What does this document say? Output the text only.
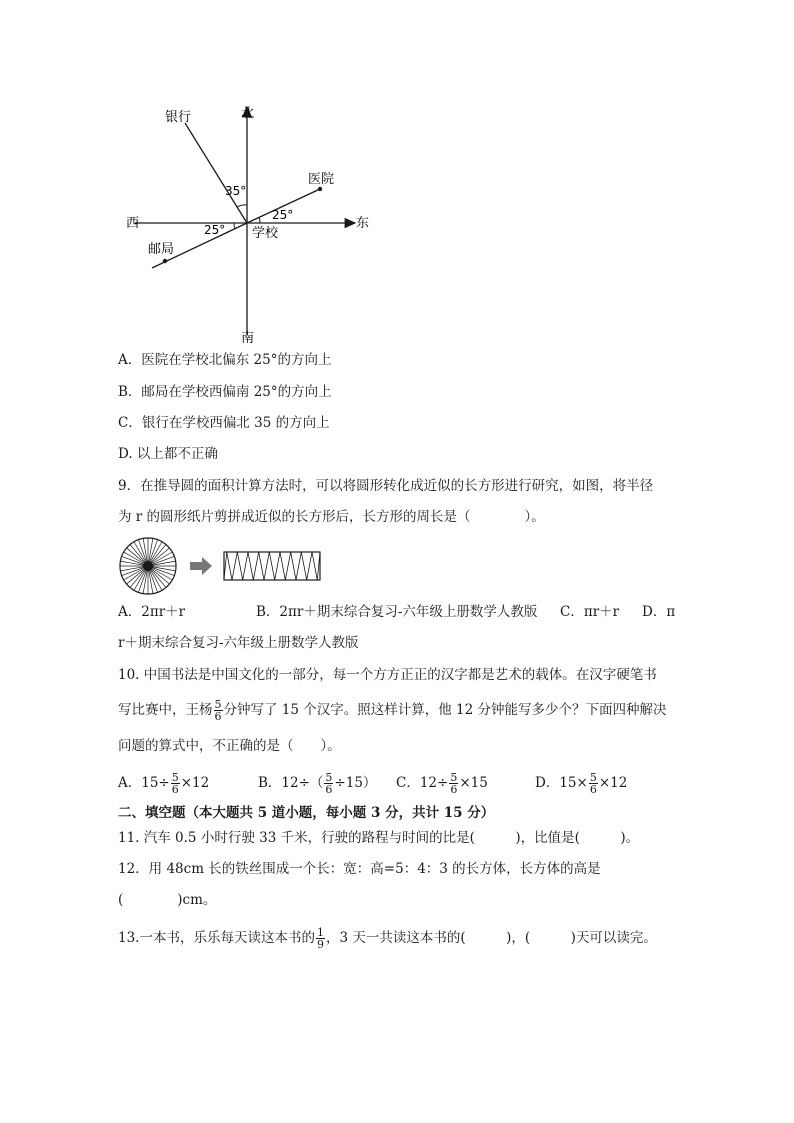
北
南
东
西
银行
医院
邮局
学校
35°
25°
25°
A．医院在学校北偏东 25°的方向上
B．邮局在学校西偏南 25°的方向上
C．银行在学校西偏北 35 的方向上
D. 以上都不正确
9．在推导圆的面积计算方法时，可以将圆形转化成近似的长方形进行研究，如图，将半径
为 r 的圆形纸片剪拼成近似的长方形后，长方形的周长是（　　　　）。
A．2πr＋r	B．2πr＋期末综合复习-六年级上册数学人教版 C．πr＋r D．π
r＋期末综合复习-六年级上册数学人教版
10. 中国书法是中国文化的一部分，每一个方方正正的汉字都是艺术的载体。在汉字硬笔书
写比赛中，王杨 $\frac{5}{6}$ 分钟写了 15 个汉字。照这样计算，他 12 分钟能写多少个？下面四种解决
问题的算式中，不正确的是（　　）。
A．$15\div \frac{5}{6} \times 12$	B．$12\div( \frac{5}{6} \div 15)$ C．$12\div \frac{5}{6} \times 15$	D．$15\times \frac{5}{6} \times 12$
二、填空题（本大题共 5 道小题，每小题 3 分，共计 15 分）
11. 汽车 0.5 小时行驶 33 千米，行驶的路程与时间的比是(　　　)，比值是(　　　)。
12．用 48cm 长的铁丝围成一个长：宽：高=5：4：3 的长方体，长方体的高是
(　　　　)cm。
13.一本书，乐乐每天读这本书的 $\frac{1}{9}$ ，3 天一共读这本书的(　　　)，(　　　)天可以读完。
